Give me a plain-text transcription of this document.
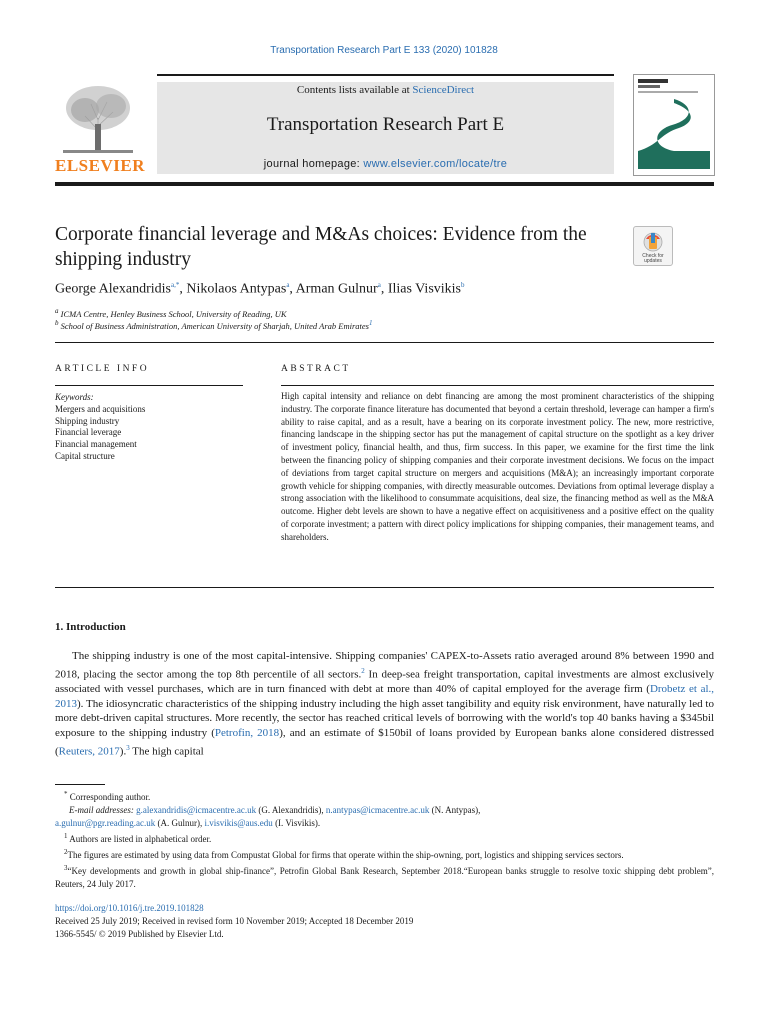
Transportation Research Part E 133 (2020) 101828
ELSEVIER
Contents lists available at ScienceDirect
Transportation Research Part E
journal homepage: www.elsevier.com/locate/tre
Corporate financial leverage and M&As choices: Evidence from the shipping industry	Check for updates
George Alexandridis$^{a,*}$, Nikolaos Antypas$^a$, Arman Gulnur$^a$, Ilias Visvikis$^b$
$^a$ ICMA Centre, Henley Business School, University of Reading, UK
$^b$ School of Business Administration, American University of Sharjah, United Arab Emirates$^1$
ARTICLE INFO	ABSTRACT
Keywords:
Mergers and acquisitions
Shipping industry
Financial leverage
Financial management
Capital structure
High capital intensity and reliance on debt financing are among the most prominent characteristics of the shipping industry. The corporate finance literature has documented that beyond a certain threshold, leverage can hamper a firm's ability to raise capital, and as a result, have a bearing on its corporate investment policy. The new, more restrictive, financing landscape in the shipping sector has put the management of capital structure on the spotlight as a key driver of investment policy, financial health, and thus, firm success. In this paper, we examine for the first time the link between the financing policy of shipping companies and their corporate investment decisions. We focus on the impact of deviations from target capital structure on mergers and acquisitions (M&A); an increasingly important corporate growth vehicle for shipping companies, with directly measurable outcomes. Deviations from optimal leverage display a strong association with the likelihood to consummate acquisitions, deal size, the financing method as well as the M&A outcome. Higher debt levels are shown to have a negative effect on acquisitiveness and a positive effect on the quality of corporate investment; a pattern with direct policy implications for shipping companies, their management teams, and shareholders.
1. Introduction
The shipping industry is one of the most capital-intensive. Shipping companies' CAPEX-to-Assets ratio averaged around 8% between 1990 and 2018, placing the sector among the top 8th percentile of all sectors.$^2$ In deep-sea freight transportation, capital investments are almost exclusively associated with vessel purchases, which are in turn financed with debt at more than 40% of capital employed for the average firm (Drobetz et al., 2013). The idiosyncratic characteristics of the shipping industry including the high asset tangibility and equity risk environment, have naturally led to more debt-driven capital structures. More recently, the sector has reached critical levels of borrowing with the world's top 40 banks having a $345bil exposure to the shipping industry (Petrofin, 2018), and an estimate of $150bil of loans provided by European banks alone considered distressed (Reuters, 2017).$^3$ The high capital

* Corresponding author.

E-mail addresses: g.alexandridis@icmacentre.ac.uk (G. Alexandridis), n.antypas@icmacentre.ac.uk (N. Antypas),

a.gulnur@pgr.reading.ac.uk (A. Gulnur), i.visvikis@aus.edu (I. Visvikis).

$^1$ Authors are listed in alphabetical order.

$^2$The figures are estimated by using data from Compustat Global for firms that operate within the ship-owning, port, logistics and shipping services sectors.

$^3$“Key developments and growth in global ship-finance”, Petrofin Global Bank Research, September 2018.“European banks struggle to resolve toxic shipping debt problem”, Reuters, 24 July 2017.

https://doi.org/10.1016/j.tre.2019.101828
Received 25 July 2019; Received in revised form 10 November 2019; Accepted 18 December 2019
1366-5545/ © 2019 Published by Elsevier Ltd.
